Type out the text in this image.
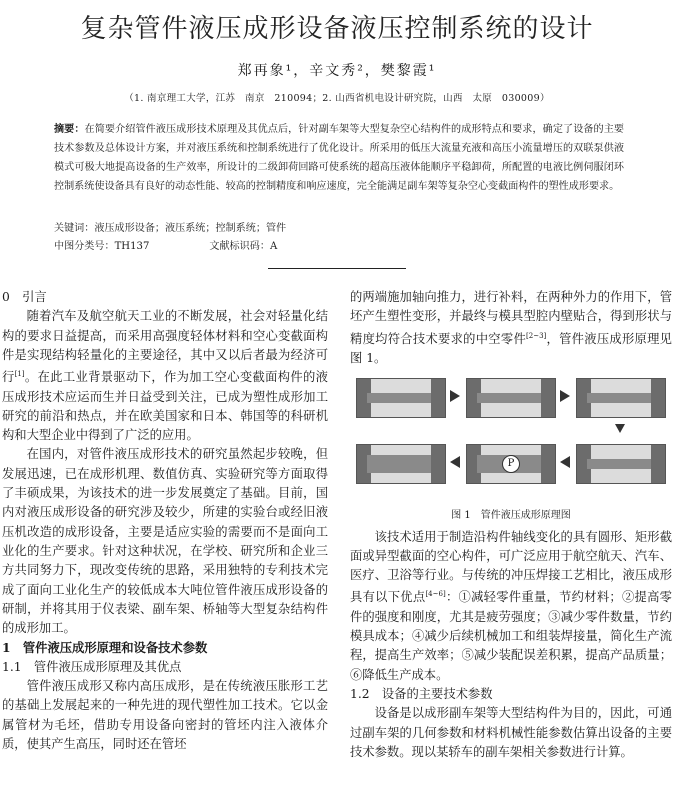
复杂管件液压成形设备液压控制系统的设计
郑再象¹，辛文秀²，樊黎霞¹
（1. 南京理工大学，江苏　南京　210094；2. 山西省机电设计研究院，山西　太原　030009）
摘要：在简要介绍管件液压成形技术原理及其优点后，针对副车架等大型复杂空心结构件的成形特点和要求，确定了设备的主要技术参数及总体设计方案，并对液压系统和控制系统进行了优化设计。所采用的低压大流量充液和高压小流量增压的双联泵供液模式可极大地提高设备的生产效率，所设计的二级卸荷回路可使系统的超高压液体能顺序平稳卸荷，所配置的电液比例伺服闭环控制系统使设备具有良好的动态性能、较高的控制精度和响应速度，完全能满足副车架等复杂空心变截面构件的塑性成形要求。
关键词：液压成形设备；液压系统；控制系统；管件
中图分类号：TH137	文献标识码：A
0　引言

随着汽车及航空航天工业的不断发展，社会对轻量化结构的要求日益提高，而采用高强度轻体材料和空心变截面构件是实现结构轻量化的主要途径，其中又以后者最为经济可行[1]。在此工业背景驱动下，作为加工空心变截面构件的液压成形技术应运而生并日益受到关注，已成为塑性成形加工研究的前沿和热点，并在欧美国家和日本、韩国等的科研机构和大型企业中得到了广泛的应用。

在国内，对管件液压成形技术的研究虽然起步较晚，但发展迅速，已在成形机理、数值仿真、实验研究等方面取得了丰硕成果，为该技术的进一步发展奠定了基础。目前，国内对液压成形设备的研究涉及较少，所建的实验台或经旧液压机改造的成形设备，主要是适应实验的需要而不是面向工业化的生产要求。针对这种状况，在学校、研究所和企业三方共同努力下，现改变传统的思路，采用独特的专利技术完成了面向工业化生产的较低成本大吨位管件液压成形设备的研制，并将其用于仪表梁、副车架、桥轴等大型复杂结构件的成形加工。

1　管件液压成形原理和设备技术参数
1.1　管件液压成形原理及其优点

管件液压成形又称内高压成形，是在传统液压胀形工艺的基础上发展起来的一种先进的现代塑性加工技术。它以金属管材为毛坯，借助专用设备向密封的管坯内注入液体介质，使其产生高压，同时还在管坯

的两端施加轴向推力，进行补料，在两种外力的作用下，管坯产生塑性变形，并最终与模具型腔内壁贴合，得到形状与精度均符合技术要求的中空零件[2~3]，管件液压成形原理见图 1。

P
图 1　管件液压成形原理图

该技术适用于制造沿构件轴线变化的具有圆形、矩形截面或异型截面的空心构件，可广泛应用于航空航天、汽车、医疗、卫浴等行业。与传统的冲压焊接工艺相比，液压成形具有以下优点[4~6]：①减轻零件重量，节约材料；②提高零件的强度和刚度，尤其是疲劳强度；③减少零件数量，节约模具成本；④减少后续机械加工和组装焊接量，简化生产流程，提高生产效率；⑤减少装配误差积累，提高产品质量；⑥降低生产成本。

1.2　设备的主要技术参数

设备是以成形副车架等大型结构件为目的，因此，可通过副车架的几何参数和材料机械性能参数估算出设备的主要技术参数。现以某轿车的副车架相关参数进行计算。
